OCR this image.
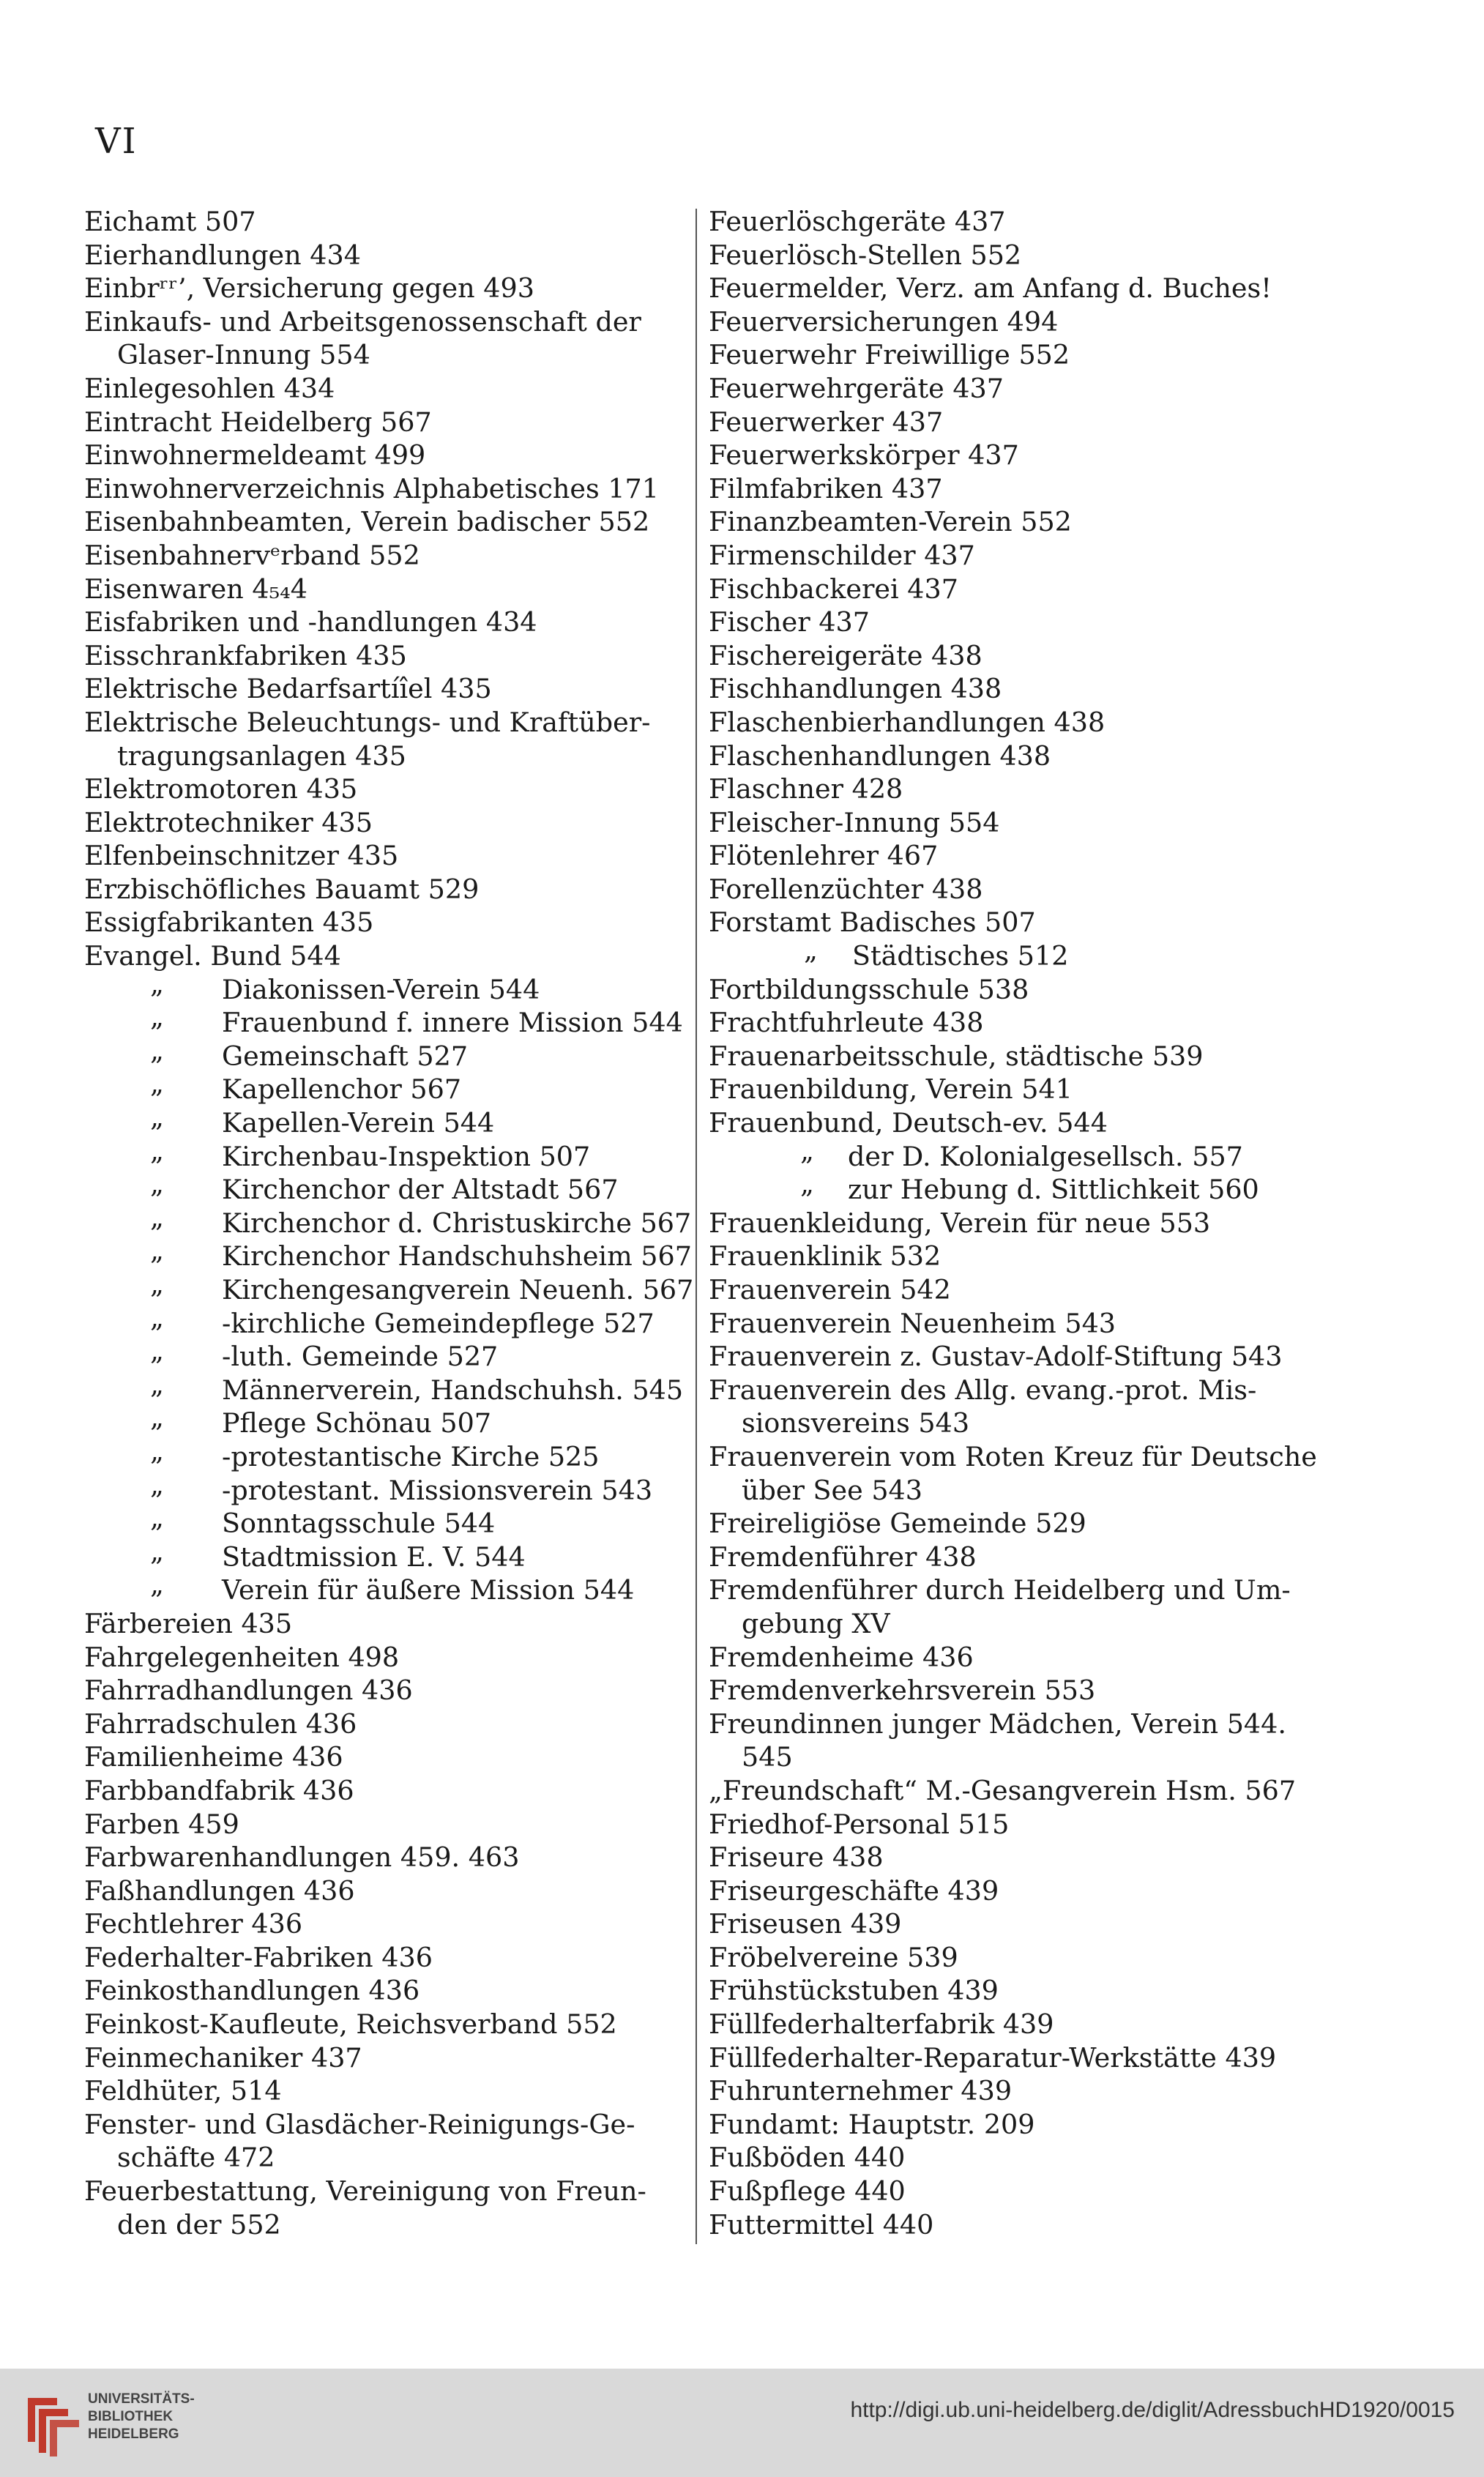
VI
Eichamt 507
Eierhandlungen 434
Einbrʳʳ’, Versicherung gegen 493
Einkaufs- und Arbeitsgenossenschaft der
Glaser-Innung 554
Einlegesohlen 434
Eintracht Heidelberg 567
Einwohnermeldeamt 499
Einwohnerverzeichnis Alphabetisches 171
Eisenbahnbeamten, Verein badischer 552
Eisenbahnervᵉrband 552
Eisenwaren 4₅₄4
Eisfabriken und -handlungen 434
Eisschrankfabriken 435
Elektrische Bedarfsartíîel 435
Elektrische Beleuchtungs- und Kraftüber-
tragungsanlagen 435
Elektromotoren 435
Elektrotechniker 435
Elfenbeinschnitzer 435
Erzbischöfliches Bauamt 529
Essigfabrikanten 435
Evangel. Bund 544
„ Diakonissen-Verein 544
„ Frauenbund f. innere Mission 544
„ Gemeinschaft 527
„ Kapellenchor 567
„ Kapellen-Verein 544
„ Kirchenbau-Inspektion 507
„ Kirchenchor der Altstadt 567
„ Kirchenchor d. Christuskirche 567
„ Kirchenchor Handschuhsheim 567
„ Kirchengesangverein Neuenh. 567
„ -kirchliche Gemeindepflege 527
„ -luth. Gemeinde 527
„ Männerverein, Handschuhsh. 545
„ Pflege Schönau 507
„ -protestantische Kirche 525
„ -protestant. Missionsverein 543
„ Sonntagsschule 544
„ Stadtmission E. V. 544
„ Verein für äußere Mission 544
Färbereien 435
Fahrgelegenheiten 498
Fahrradhandlungen 436
Fahrradschulen 436
Familienheime 436
Farbbandfabrik 436
Farben 459
Farbwarenhandlungen 459. 463
Faßhandlungen 436
Fechtlehrer 436
Federhalter-Fabriken 436
Feinkosthandlungen 436
Feinkost-Kaufleute, Reichsverband 552
Feinmechaniker 437
Feldhüter, 514
Fenster- und Glasdächer-Reinigungs-Ge-
schäfte 472
Feuerbestattung, Vereinigung von Freun-
den der 552
Feuerlöschgeräte 437
Feuerlösch-Stellen 552
Feuermelder, Verz. am Anfang d. Buches!
Feuerversicherungen 494
Feuerwehr Freiwillige 552
Feuerwehrgeräte 437
Feuerwerker 437
Feuerwerkskörper 437
Filmfabriken 437
Finanzbeamten-Verein 552
Firmenschilder 437
Fischbackerei 437
Fischer 437
Fischereigeräte 438
Fischhandlungen 438
Flaschenbierhandlungen 438
Flaschenhandlungen 438
Flaschner 428
Fleischer-Innung 554
Flötenlehrer 467
Forellenzüchter 438
Forstamt Badisches 507
„ Städtisches 512
Fortbildungsschule 538
Frachtfuhrleute 438
Frauenarbeitsschule, städtische 539
Frauenbildung, Verein 541
Frauenbund, Deutsch-ev. 544
„ der D. Kolonialgesellsch. 557
„ zur Hebung d. Sittlichkeit 560
Frauenkleidung, Verein für neue 553
Frauenklinik 532
Frauenverein 542
Frauenverein Neuenheim 543
Frauenverein z. Gustav-Adolf-Stiftung 543
Frauenverein des Allg. evang.-prot. Mis-
sionsvereins 543
Frauenverein vom Roten Kreuz für Deutsche
über See 543
Freireligiöse Gemeinde 529
Fremdenführer 438
Fremdenführer durch Heidelberg und Um-
gebung XV
Fremdenheime 436
Fremdenverkehrsverein 553
Freundinnen junger Mädchen, Verein 544.
545
„Freundschaft“ M.-Gesangverein Hsm. 567
Friedhof-Personal 515
Friseure 438
Friseurgeschäfte 439
Friseusen 439
Fröbelvereine 539
Frühstückstuben 439
Füllfederhalterfabrik 439
Füllfederhalter-Reparatur-Werkstätte 439
Fuhrunternehmer 439
Fundamt: Hauptstr. 209
Fußböden 440
Fußpflege 440
Futtermittel 440
UNIVERSITÄTS-
BIBLIOTHEK
HEIDELBERG
http://digi.ub.uni-heidelberg.de/diglit/AdressbuchHD1920/0015
